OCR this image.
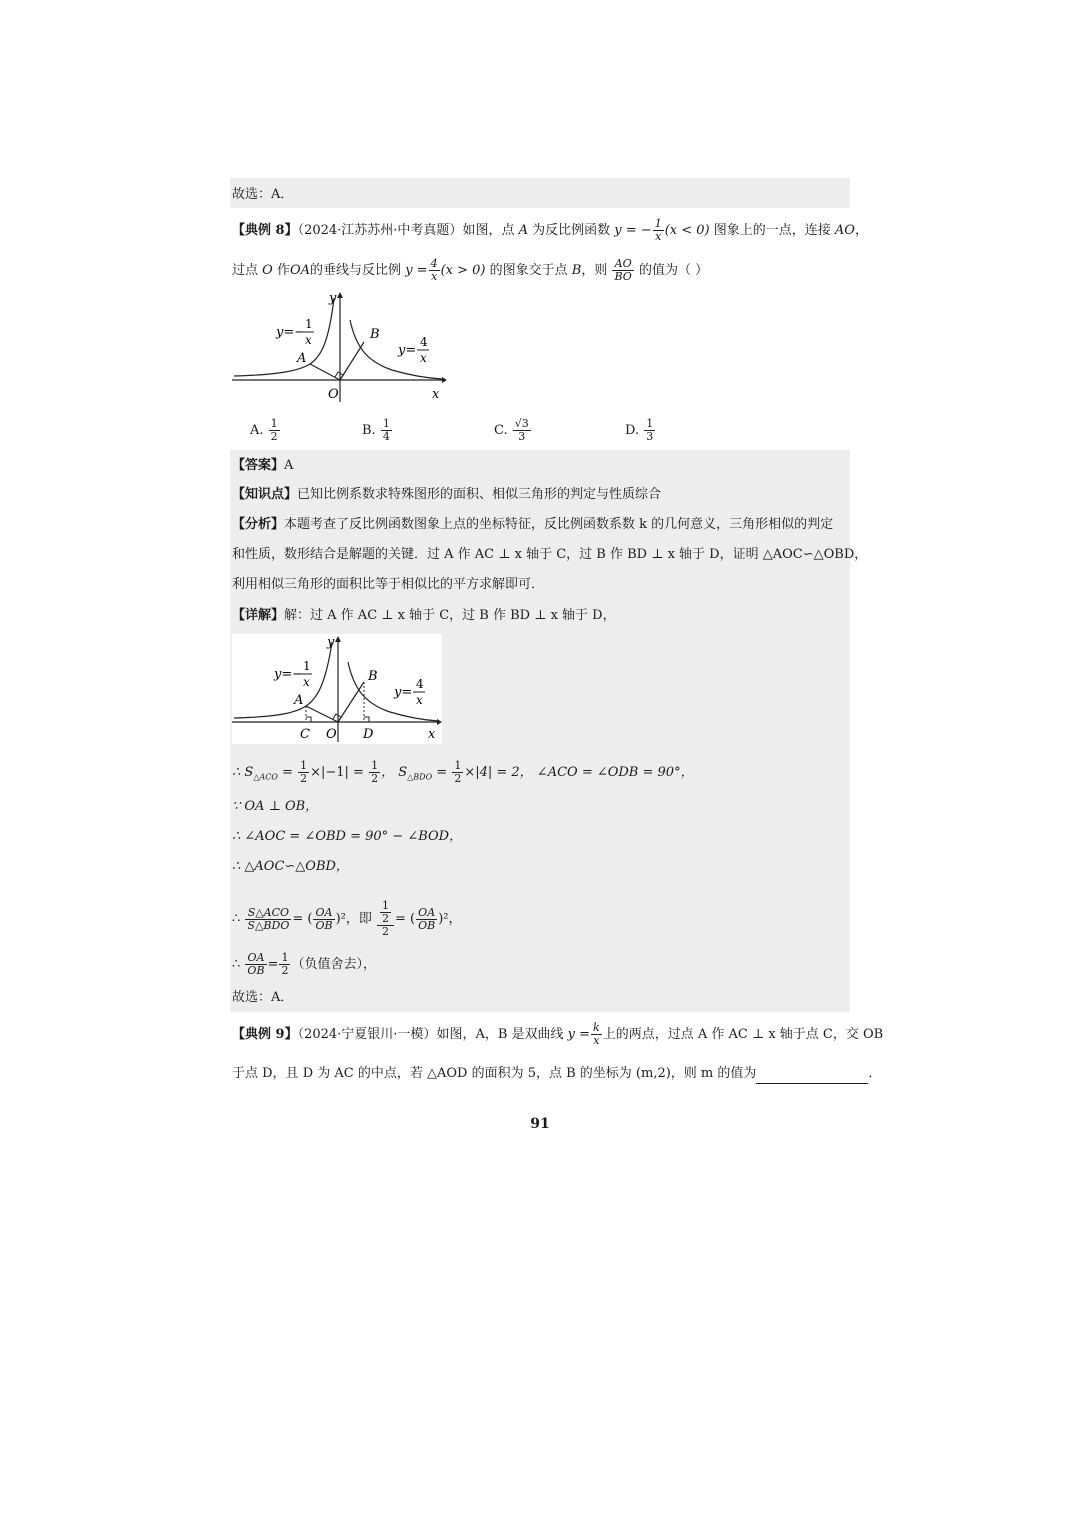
故选：A．
【典例 8】（2024·江苏苏州·中考真题）如图，点 A 为反比例函数 y = − $\frac{1}{x} (x < 0)$ 图象上的一点，连接 AO，
过点 O 作OA的垂线与反比例 $y = \frac{4}{x} (x > 0)$ 的图象交于点 B，则 $\frac{AO}{BO}$ 的值为（ ）
y
x
O
A
B
y=−
1
x
y=
4
x
A. $\frac{1}{2}$	B. $\frac{1}{4}$	C. $\frac{√3}{3}$	D. $\frac{1}{3}$
【答案】A
【知识点】已知比例系数求特殊图形的面积、相似三角形的判定与性质综合
【分析】本题考查了反比例函数图象上点的坐标特征，反比例函数系数 k 的几何意义，三角形相似的判定
和性质，数形结合是解题的关键．过 A 作 AC ⊥ x 轴于 C，过 B 作 BD ⊥ x 轴于 D，证明 △AOC∽△OBD，
利用相似三角形的面积比等于相似比的平方求解即可．
【详解】解：过 A 作 AC ⊥ x 轴于 C，过 B 作 BD ⊥ x 轴于 D，
y
x
O
C	D
A
B
y=−
1
x
y=
4
x
∴ $S_{\triangle ACO} = \frac{1}{2} \times|-1| = \frac{1}{2}$ ， $S_{\triangle BDO} = \frac{1}{2} \times|4| = 2$， ∠ACO = ∠ODB = 90°，
∵ OA ⊥ OB，
∴ ∠AOC = ∠OBD = 90° − ∠BOD，
∴ △AOC∽△OBD，
∴ $\frac{\text{S△ACO}}{\text{S△BDO}}$ = ( $\frac{OA}{OB} )^2$，即 $\frac{\frac{1}{2}}{2}$ = ( $\frac{OA}{OB} )^2$，
∴ $\frac{OA}{OB} = \frac{1}{2}$ （负值舍去），
故选：A．
【典例 9】（2024·宁夏银川·一模）如图，A，B 是双曲线 $y = \frac{k}{x}$ 上的两点，过点 A 作 AC ⊥ x 轴于点 C，交 OB
于点 D，且 D 为 AC 的中点，若 △AOD 的面积为 5，点 B 的坐标为 (m,2)，则 m 的值为	．
91
